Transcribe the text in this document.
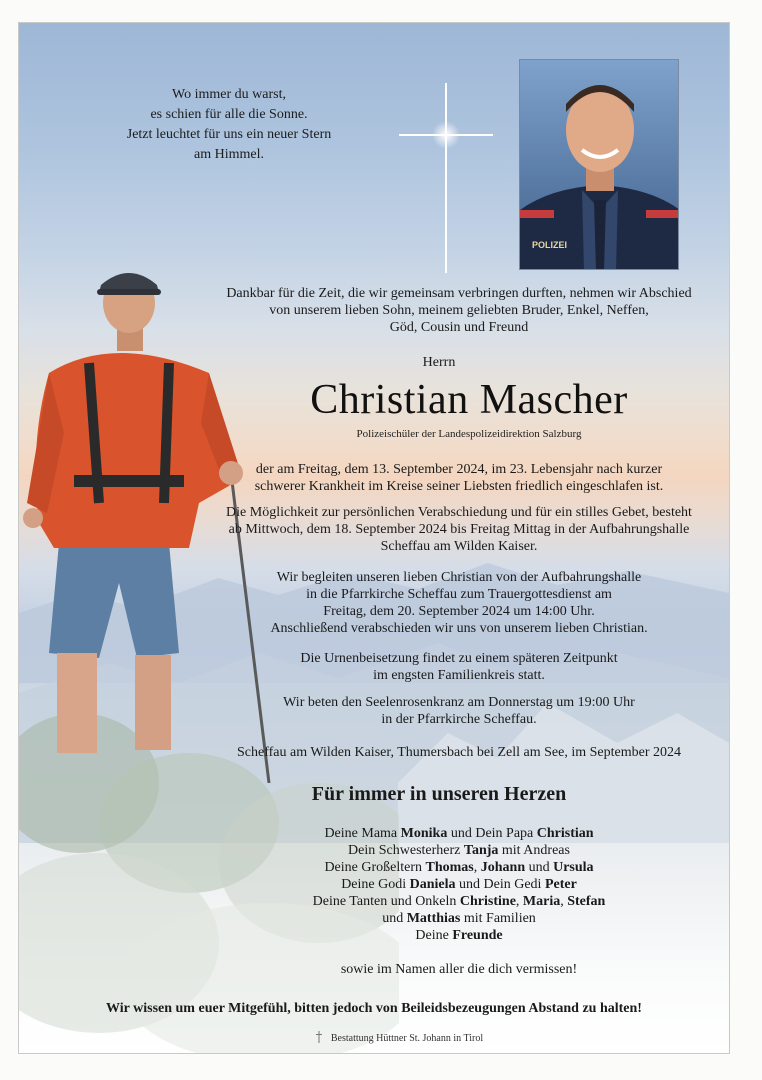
Wo immer du warst,
es schien für alle die Sonne.
Jetzt leuchtet für uns ein neuer Stern
am Himmel.
POLIZEI
Dankbar für die Zeit, die wir gemeinsam verbringen durften, nehmen wir Abschied
von unserem lieben Sohn, meinem geliebten Bruder, Enkel, Neffen,
Göd, Cousin und Freund
Herrn
Christian Mascher
Polizeischüler der Landespolizeidirektion Salzburg
der am Freitag, dem 13. September 2024, im 23. Lebensjahr nach kurzer
schwerer Krankheit im Kreise seiner Liebsten friedlich eingeschlafen ist.
Die Möglichkeit zur persönlichen Verabschiedung und für ein stilles Gebet, besteht
ab Mittwoch, dem 18. September 2024 bis Freitag Mittag in der Aufbahrungshalle
Scheffau am Wilden Kaiser.
Wir begleiten unseren lieben Christian von der Aufbahrungshalle
in die Pfarrkirche Scheffau zum Trauergottesdienst am
Freitag, dem 20. September 2024 um 14:00 Uhr.
Anschließend verabschieden wir uns von unserem lieben Christian.
Die Urnenbeisetzung findet zu einem späteren Zeitpunkt
im engsten Familienkreis statt.
Wir beten den Seelenrosenkranz am Donnerstag um 19:00 Uhr
in der Pfarrkirche Scheffau.
Scheffau am Wilden Kaiser, Thumersbach bei Zell am See, im September 2024
Für immer in unseren Herzen
Deine Mama Monika und Dein Papa Christian
Dein Schwesterherz Tanja mit Andreas
Deine Großeltern Thomas, Johann und Ursula
Deine Godi Daniela und Dein Gedi Peter
Deine Tanten und Onkeln Christine, Maria, Stefan
und Matthias mit Familien
Deine Freunde
sowie im Namen aller die dich vermissen!
Wir wissen um euer Mitgefühl, bitten jedoch von Beileidsbezeugungen Abstand zu halten!
Bestattung Hüttner St. Johann in Tirol
